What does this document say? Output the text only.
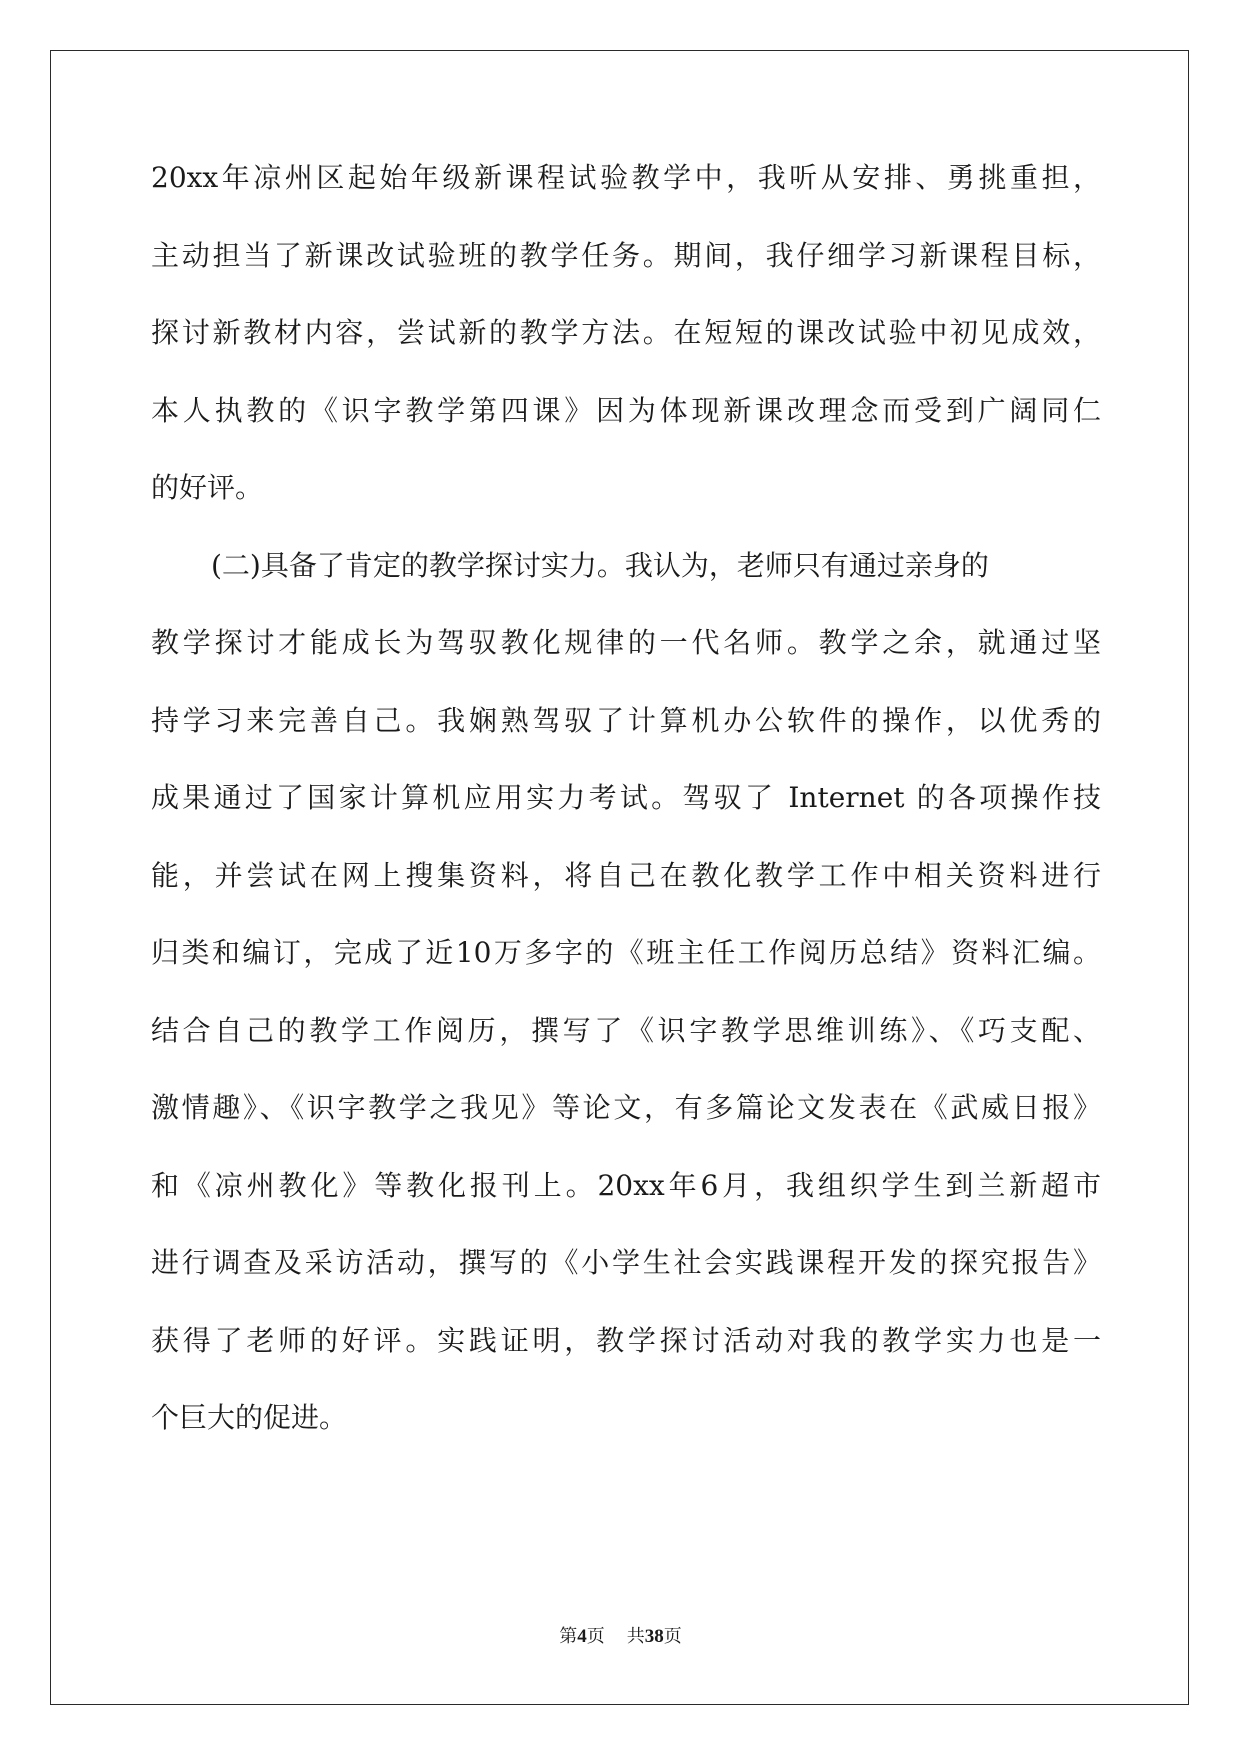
20xx年凉州区起始年级新课程试验教学中，我听从安排、勇挑重担，
主动担当了新课改试验班的教学任务。期间，我仔细学习新课程目标，
探讨新教材内容，尝试新的教学方法。在短短的课改试验中初见成效，
本人执教的《识字教学第四课》因为体现新课改理念而受到广阔同仁
的好评。
(二)具备了肯定的教学探讨实力。我认为，老师只有通过亲身的
教学探讨才能成长为驾驭教化规律的一代名师。教学之余，就通过坚
持学习来完善自己。我娴熟驾驭了计算机办公软件的操作，以优秀的
成果通过了国家计算机应用实力考试。驾驭了 Internet 的各项操作技
能，并尝试在网上搜集资料，将自己在教化教学工作中相关资料进行
归类和编订，完成了近10万多字的《班主任工作阅历总结》资料汇编。
结合自己的教学工作阅历，撰写了《识字教学思维训练》、《巧支配、
激情趣》、《识字教学之我见》等论文，有多篇论文发表在《武威日报》
和《凉州教化》等教化报刊上。20xx年6月，我组织学生到兰新超市
进行调查及采访活动，撰写的《小学生社会实践课程开发的探究报告》
获得了老师的好评。实践证明，教学探讨活动对我的教学实力也是一
个巨大的促进。
第4页 共38页
